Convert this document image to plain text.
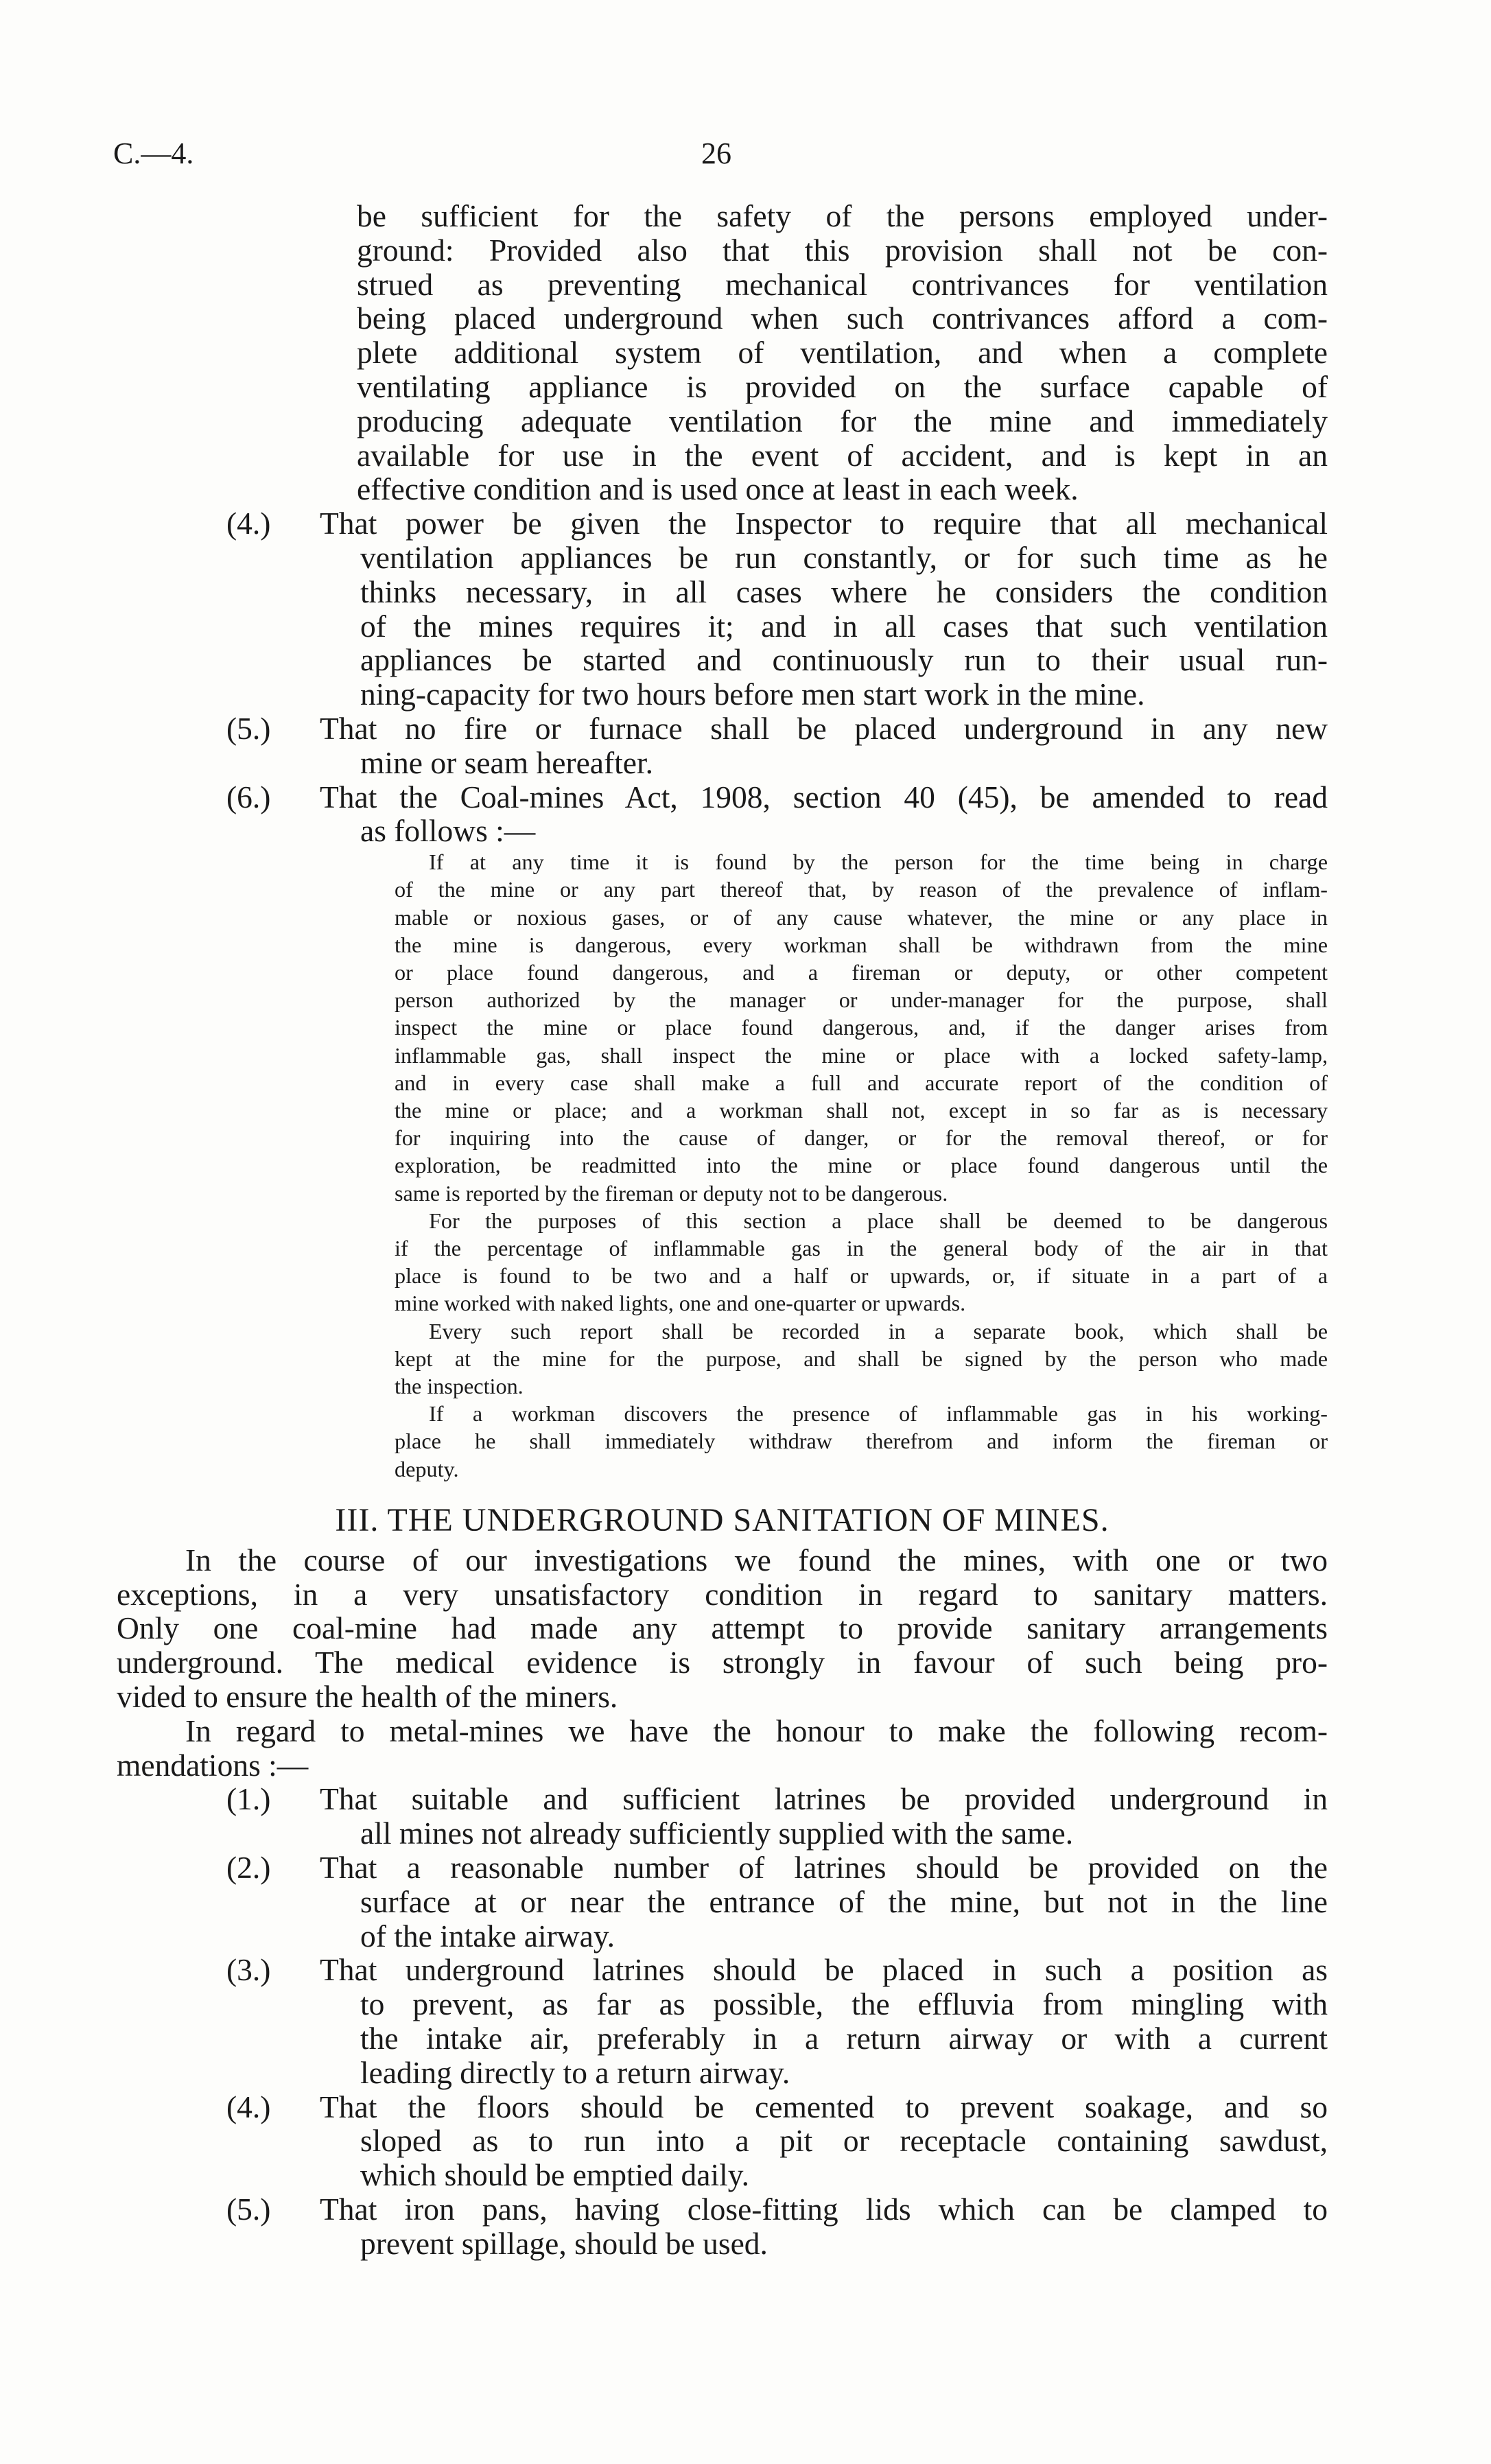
C.—4.	26
be sufficient for the safety of the persons employed under-
ground: Provided also that this provision shall not be con-
strued as preventing mechanical contrivances for ventilation
being placed underground when such contrivances afford a com-
plete additional system of ventilation, and when a complete
ventilating appliance is provided on the surface capable of
producing adequate ventilation for the mine and immediately
available for use in the event of accident, and is kept in an
effective condition and is used once at least in each week.
(4.)	That power be given the Inspector to require that all mechanical
ventilation appliances be run constantly, or for such time as he
thinks necessary, in all cases where he considers the condition
of the mines requires it; and in all cases that such ventilation
appliances be started and continuously run to their usual run-
ning-capacity for two hours before men start work in the mine.
(5.)	That no fire or furnace shall be placed underground in any new
mine or seam hereafter.
(6.)	That the Coal-mines Act, 1908, section 40 (45), be amended to read
as follows :—
If at any time it is found by the person for the time being in charge
of the mine or any part thereof that, by reason of the prevalence of inflam-
mable or noxious gases, or of any cause whatever, the mine or any place in
the mine is dangerous, every workman shall be withdrawn from the mine
or place found dangerous, and a fireman or deputy, or other competent
person authorized by the manager or under-manager for the purpose, shall
inspect the mine or place found dangerous, and, if the danger arises from
inflammable gas, shall inspect the mine or place with a locked safety-lamp,
and in every case shall make a full and accurate report of the condition of
the mine or place; and a workman shall not, except in so far as is necessary
for inquiring into the cause of danger, or for the removal thereof, or for
exploration, be readmitted into the mine or place found dangerous until the
same is reported by the fireman or deputy not to be dangerous.
For the purposes of this section a place shall be deemed to be dangerous
if the percentage of inflammable gas in the general body of the air in that
place is found to be two and a half or upwards, or, if situate in a part of a
mine worked with naked lights, one and one-quarter or upwards.
Every such report shall be recorded in a separate book, which shall be
kept at the mine for the purpose, and shall be signed by the person who made
the inspection.
If a workman discovers the presence of inflammable gas in his working-
place he shall immediately withdraw therefrom and inform the fireman or
deputy.
III. THE UNDERGROUND SANITATION OF MINES.
In the course of our investigations we found the mines, with one or two
exceptions, in a very unsatisfactory condition in regard to sanitary matters.
Only one coal-mine had made any attempt to provide sanitary arrangements
underground. The medical evidence is strongly in favour of such being pro-
vided to ensure the health of the miners.
In regard to metal-mines we have the honour to make the following recom-
mendations :—
(1.)	That suitable and sufficient latrines be provided underground in
all mines not already sufficiently supplied with the same.
(2.)	That a reasonable number of latrines should be provided on the
surface at or near the entrance of the mine, but not in the line
of the intake airway.
(3.)	That underground latrines should be placed in such a position as
to prevent, as far as possible, the effluvia from mingling with
the intake air, preferably in a return airway or with a current
leading directly to a return airway.
(4.)	That the floors should be cemented to prevent soakage, and so
sloped as to run into a pit or receptacle containing sawdust,
which should be emptied daily.
(5.)	That iron pans, having close-fitting lids which can be clamped to
prevent spillage, should be used.
